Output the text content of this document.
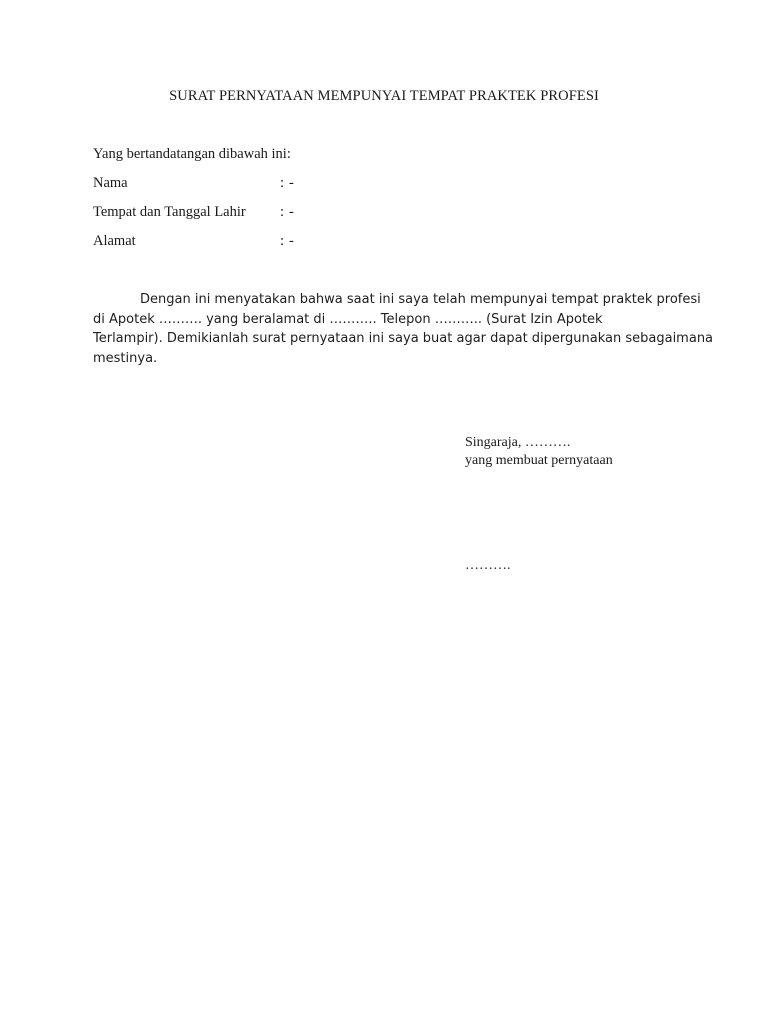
SURAT PERNYATAAN MEMPUNYAI TEMPAT PRAKTEK PROFESI
Yang bertandatangan dibawah ini:
Nama	: -
Tempat dan Tanggal Lahir : -
Alamat	: -
Dengan ini menyatakan bahwa saat ini saya telah mempunyai tempat praktek profesi
di Apotek ………. yang beralamat di ……….. Telepon ……….. (Surat Izin Apotek
Terlampir). Demikianlah surat pernyataan ini saya buat agar dapat dipergunakan sebagaimana
mestinya.
Singaraja, ……….
yang membuat pernyataan
……….
